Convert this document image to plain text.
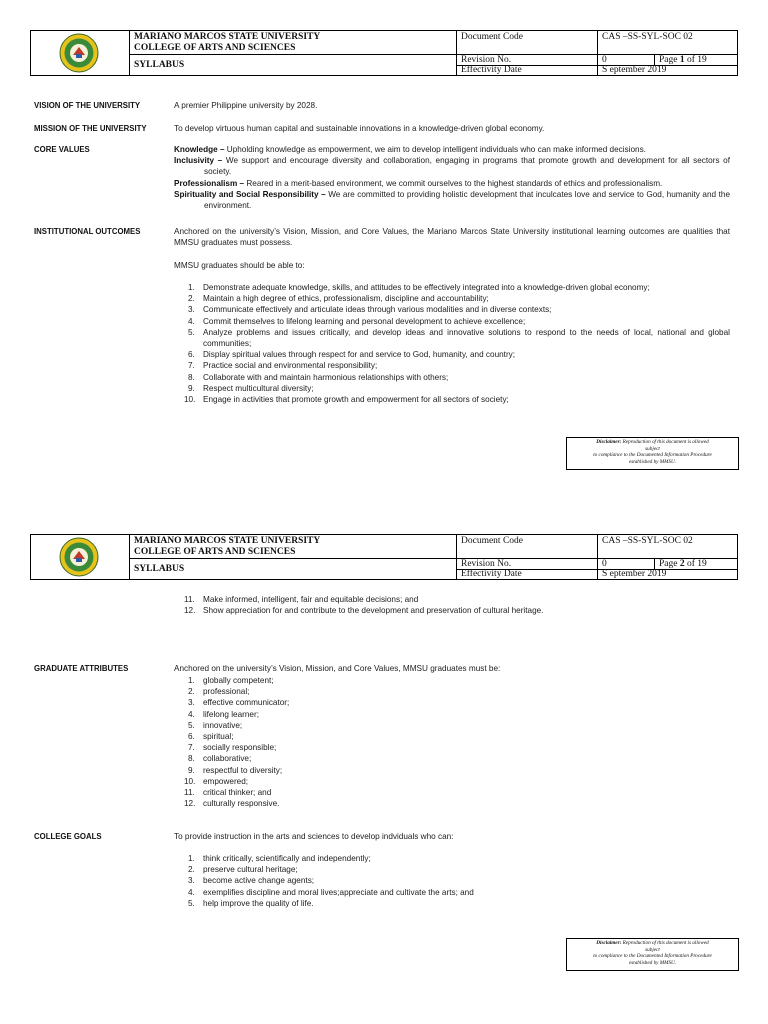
MARIANO MARCOS STATE UNIVERSITY
COLLEGE OF ARTS AND SCIENCES
SYLLABUS
Document Code	CAS –SS-SYL-SOC 02
Revision No.	0	Page 1 of 19
Effectivity Date	S eptember 2019
VISION OF THE UNIVERSITY	A premier Philippine university by 2028.
MISSION OF THE UNIVERSITY	To develop virtuous human capital and sustainable innovations in a knowledge-driven global economy.
CORE VALUES	Knowledge – Upholding knowledge as empowerment, we aim to develop intelligent individuals who can make informed decisions.

Inclusivity – We support and encourage diversity and collaboration, engaging in programs that promote growth and development for all sectors of society.

Professionalism – Reared in a merit-based environment, we commit ourselves to the highest standards of ethics and professionalism.

Spirituality and Social Responsibility – We are committed to providing holistic development that inculcates love and service to God, humanity and the environment.

INSTITUTIONAL OUTCOMES	Anchored on the university’s Vision, Mission, and Core Values, the Mariano Marcos State University institutional learning outcomes are qualities that MMSU graduates must possess.
MMSU graduates should be able to:
1. Demonstrate adequate knowledge, skills, and attitudes to be effectively integrated into a knowledge-driven global economy;
2. Maintain a high degree of ethics, professionalism, discipline and accountability;
3. Communicate effectively and articulate ideas through various modalities and in diverse contexts;
4. Commit themselves to lifelong learning and personal development to achieve excellence;
5. Analyze problems and issues critically, and develop ideas and innovative solutions to respond to the needs of local, national and global communities;
6. Display spiritual values through respect for and service to God, humanity, and country;
7. Practice social and environmental responsibility;
8. Collaborate with and maintain harmonious relationships with others;
9. Respect multicultural diversity;
10. Engage in activities that promote growth and empowerment for all sectors of society;
Disclaimer: Reproduction of this document is allowed
subject
to compliance to the Documented Information Procedure
established by MMSU.
MARIANO MARCOS STATE UNIVERSITY
COLLEGE OF ARTS AND SCIENCES
SYLLABUS
Document Code	CAS –SS-SYL-SOC 02
Revision No.	0	Page 2 of 19
Effectivity Date	S eptember 2019
11. Make informed, intelligent, fair and equitable decisions; and
12. Show appreciation for and contribute to the development and preservation of cultural heritage.
GRADUATE ATTRIBUTES	Anchored on the university’s Vision, Mission, and Core Values, MMSU graduates must be:
1. globally competent;
2. professional;
3. effective communicator;
4. lifelong learner;
5. innovative;
6. spiritual;
7. socially responsible;
8. collaborative;
9. respectful to diversity;
10. empowered;
11. critical thinker; and
12. culturally responsive.
COLLEGE GOALS	To provide instruction in the arts and sciences to develop indviduals who can:
1. think critically, scientifically and independently;
2. preserve cultural heritage;
3. become active change agents;
4. exemplifies discipline and moral lives;appreciate and cultivate the arts; and
5. help improve the quality of life.
Disclaimer: Reproduction of this document is allowed
subject
to compliance to the Documented Information Procedure
established by MMSU.
